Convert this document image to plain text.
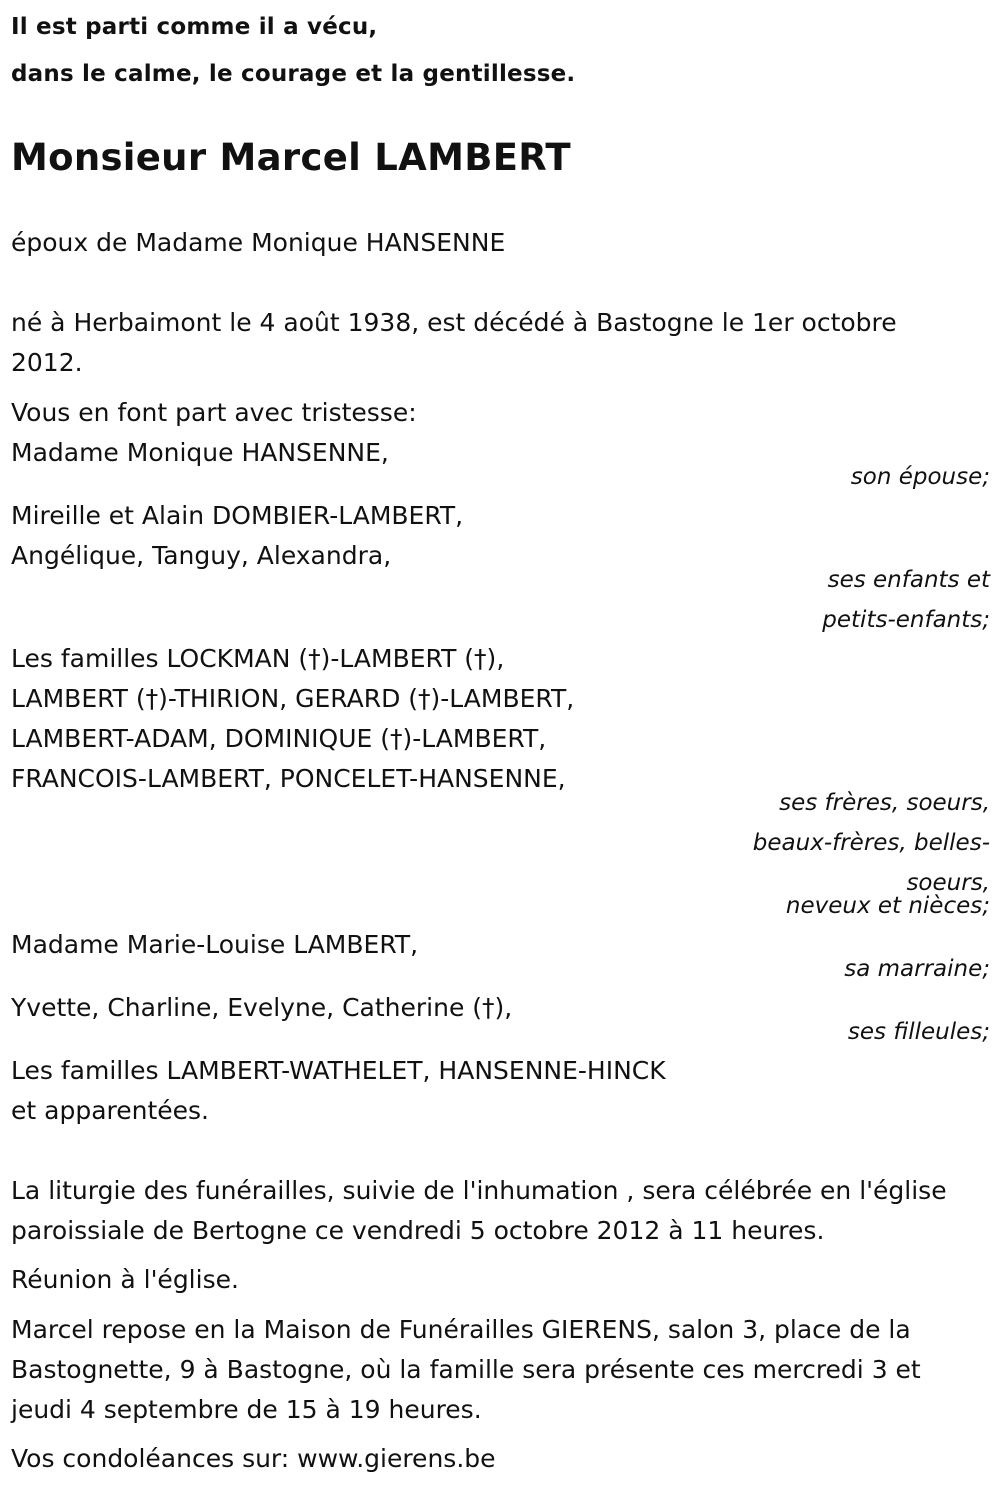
Il est parti comme il a vécu,

dans le calme, le courage et la gentillesse.

Monsieur Marcel LAMBERT

époux de Madame Monique HANSENNE

né à Herbaimont le 4 août 1938, est décédé à Bastogne le 1er octobre

2012.

Vous en font part avec tristesse:

Madame Monique HANSENNE,

son épouse;

Mireille et Alain DOMBIER-LAMBERT,

Angélique, Tanguy, Alexandra,

ses enfants et

petits-enfants;

Les familles LOCKMAN (†)-LAMBERT (†),

LAMBERT (†)-THIRION, GERARD (†)-LAMBERT,

LAMBERT-ADAM, DOMINIQUE (†)-LAMBERT,

FRANCOIS-LAMBERT, PONCELET-HANSENNE,

ses frères, soeurs,

beaux-frères, belles-

soeurs,

neveux et nièces;

Madame Marie-Louise LAMBERT,

sa marraine;

Yvette, Charline, Evelyne, Catherine (†),

ses filleules;

Les familles LAMBERT-WATHELET, HANSENNE-HINCK

et apparentées.

La liturgie des funérailles, suivie de l'inhumation , sera célébrée en l'église

paroissiale de Bertogne ce vendredi 5 octobre 2012 à 11 heures.

Réunion à l'église.

Marcel repose en la Maison de Funérailles GIERENS, salon 3, place de la

Bastognette, 9 à Bastogne, où la famille sera présente ces mercredi 3 et

jeudi 4 septembre de 15 à 19 heures.

Vos condoléances sur: www.gierens.be
